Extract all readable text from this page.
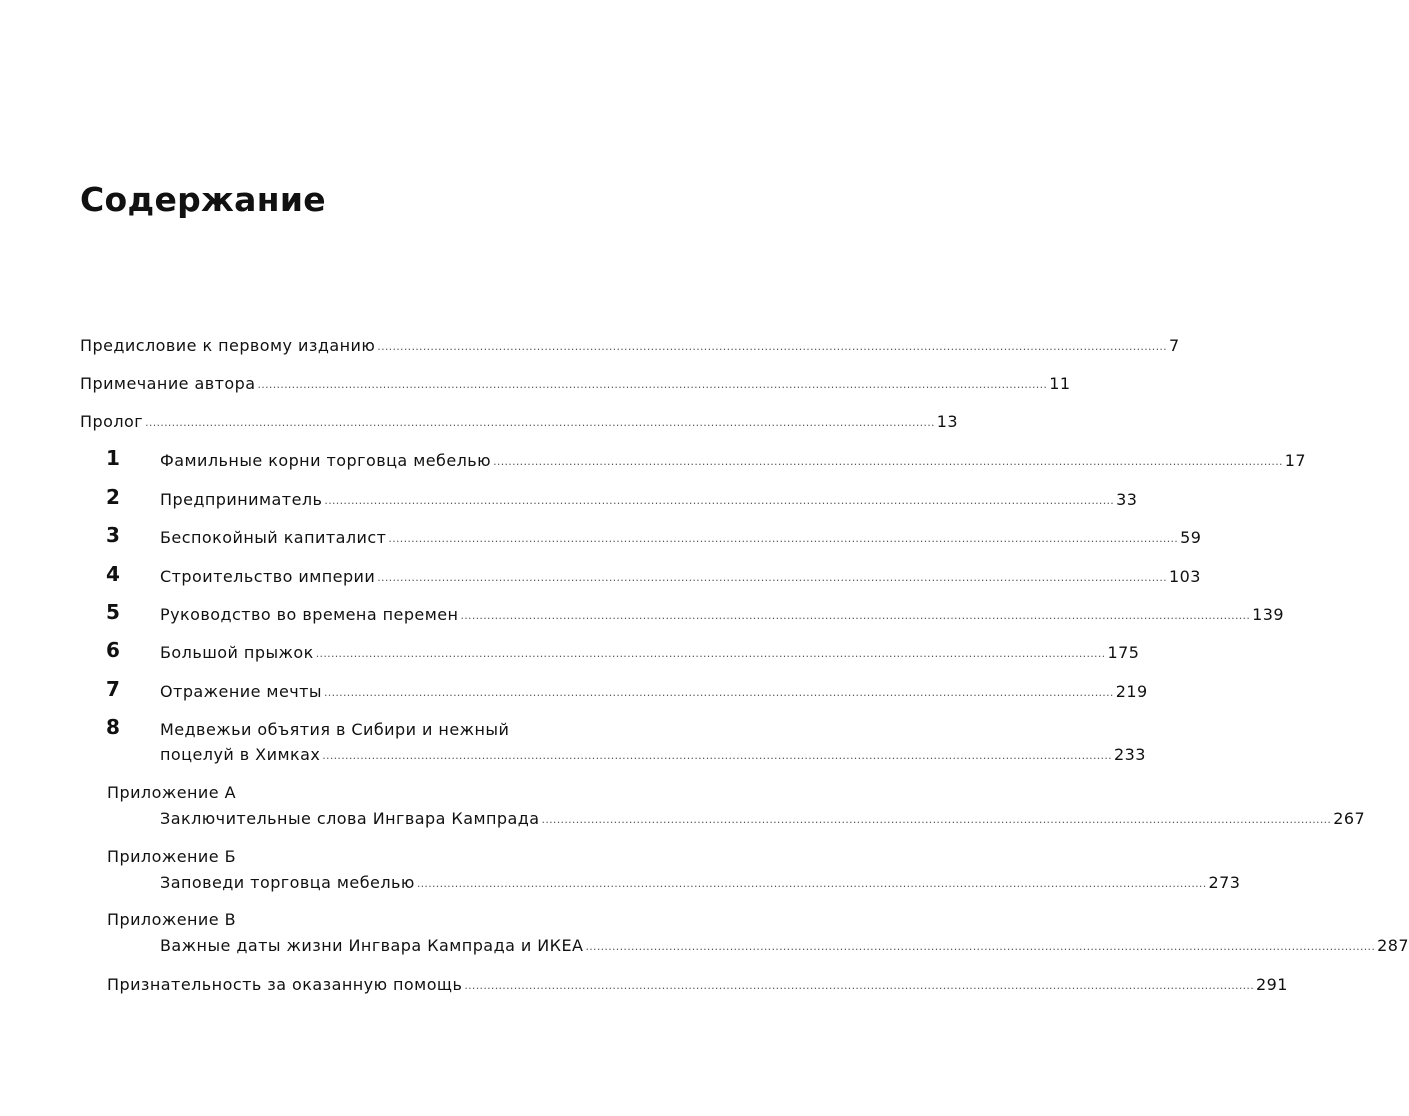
Содержание
Предисловие к первому изданию ................................................................................................................................................................................................................ 7
Примечание автора ................................................................................................................................................................................................................ 11
Пролог ................................................................................................................................................................................................................ 13
1	Фамильные корни торговца мебелью ................................................................................................................................................................................................................ 17
2	Предприниматель ................................................................................................................................................................................................................ 33
3	Беспокойный капиталист ................................................................................................................................................................................................................ 59
4	Строительство империи ................................................................................................................................................................................................................ 103
5	Руководство во времена перемен ................................................................................................................................................................................................................ 139
6	Большой прыжок ................................................................................................................................................................................................................ 175
7	Отражение мечты ................................................................................................................................................................................................................ 219
8	Медвежьи объятия в Сибири и нежный
поцелуй в Химках ................................................................................................................................................................................................................ 233
Приложение А
Заключительные слова Ингвара Кампрада ................................................................................................................................................................................................................ 267
Приложение Б
Заповеди торговца мебелью ................................................................................................................................................................................................................ 273
Приложение В
Важные даты жизни Ингвара Кампрада и ИКЕА ................................................................................................................................................................................................................ 287
Признательность за оказанную помощь ................................................................................................................................................................................................................ 291
